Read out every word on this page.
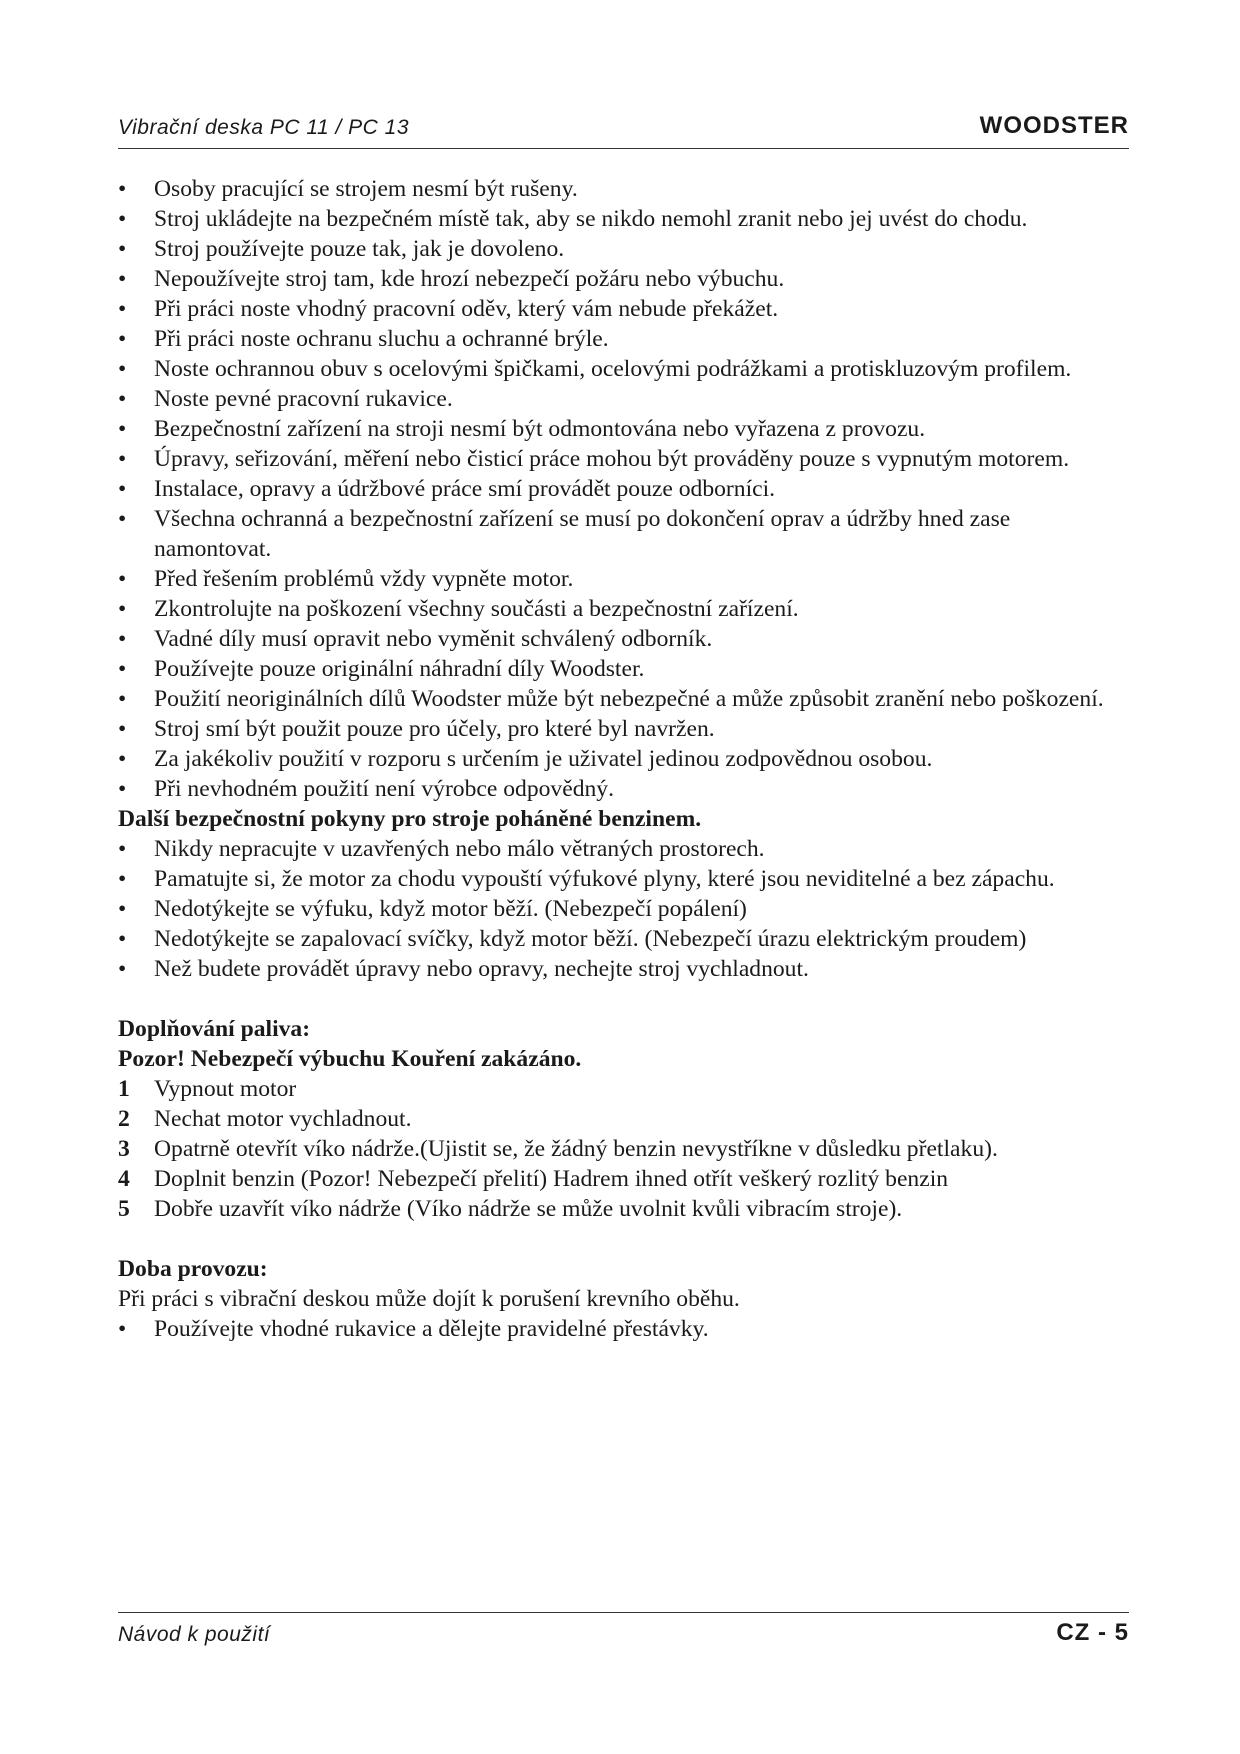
Vibrační deska PC 11 / PC 13	WOODSTER
•	Osoby pracující se strojem nesmí být rušeny.
•	Stroj ukládejte na bezpečném místě tak, aby se nikdo nemohl zranit nebo jej uvést do chodu.
•	Stroj používejte pouze tak, jak je dovoleno.
•	Nepoužívejte stroj tam, kde hrozí nebezpečí požáru nebo výbuchu.
•	Při práci noste vhodný pracovní oděv, který vám nebude překážet.
•	Při práci noste ochranu sluchu a ochranné brýle.
•	Noste ochrannou obuv s ocelovými špičkami, ocelovými podrážkami a protiskluzovým profilem.
•	Noste pevné pracovní rukavice.
•	Bezpečnostní zařízení na stroji nesmí být odmontována nebo vyřazena z provozu.
•	Úpravy, seřizování, měření nebo čisticí práce mohou být prováděny pouze s vypnutým motorem.
•	Instalace, opravy a údržbové práce smí provádět pouze odborníci.
•	Všechna ochranná a bezpečnostní zařízení se musí po dokončení oprav a údržby hned zase namontovat.
•	Před řešením problémů vždy vypněte motor.
•	Zkontrolujte na poškození všechny součásti a bezpečnostní zařízení.
•	Vadné díly musí opravit nebo vyměnit schválený odborník.
•	Používejte pouze originální náhradní díly Woodster.
•	Použití neoriginálních dílů Woodster může být nebezpečné a může způsobit zranění nebo poškození.
•	Stroj smí být použit pouze pro účely, pro které byl navržen.
•	Za jakékoliv použití v rozporu s určením je uživatel jedinou zodpovědnou osobou.
•	Při nevhodném použití není výrobce odpovědný.
Další bezpečnostní pokyny pro stroje poháněné benzinem.
•	Nikdy nepracujte v uzavřených nebo málo větraných prostorech.
•	Pamatujte si, že motor za chodu vypouští výfukové plyny, které jsou neviditelné a bez zápachu.
•	Nedotýkejte se výfuku, když motor běží. (Nebezpečí popálení)
•	Nedotýkejte se zapalovací svíčky, když motor běží. (Nebezpečí úrazu elektrickým proudem)
•	Než budete provádět úpravy nebo opravy, nechejte stroj vychladnout.
Doplňování paliva:
Pozor! Nebezpečí výbuchu Kouření zakázáno.
1	Vypnout motor
2	Nechat motor vychladnout.
3	Opatrně otevřít víko nádrže.(Ujistit se, že žádný benzin nevystříkne v důsledku přetlaku).
4	Doplnit benzin (Pozor! Nebezpečí přelití) Hadrem ihned otřít veškerý rozlitý benzin
5	Dobře uzavřít víko nádrže (Víko nádrže se může uvolnit kvůli vibracím stroje).
Doba provozu:
Při práci s vibrační deskou může dojít k porušení krevního oběhu.
•	Používejte vhodné rukavice a dělejte pravidelné přestávky.
Návod k použití	CZ - 5
